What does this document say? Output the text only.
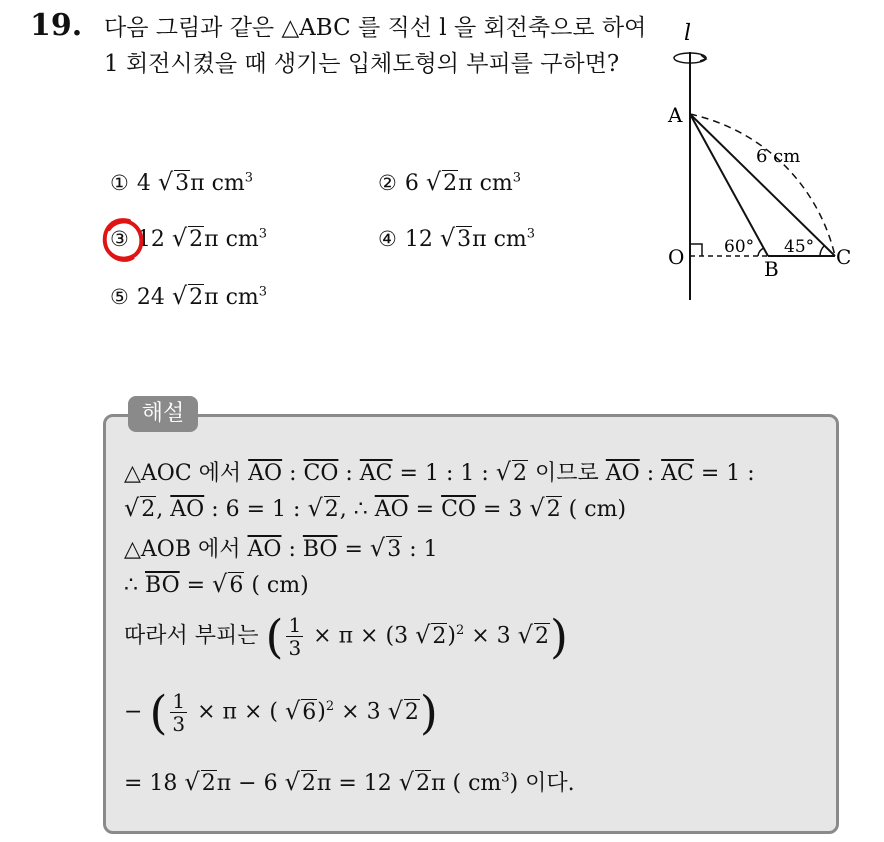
19. 다음 그림과 같은 △ABC 를 직선 l 을 회전축으로 하여 1 회전시켰을 때 생기는 입체도형의 부피를 구하면?
① 4 √3π $cm^3$	② 6 √2π $cm^3$
③ 12 √2π $cm^3$	④ 12 √3π $cm^3$
⑤ 24 √2π $cm^3$
l
A
O	B	C
6 cm
60° 45°
해설
△AOC 에서 $\overline{AO}$ : $\overline{CO}$ : $\overline{AC} = 1$ : 1 : √2 이므로 $\overline{AO}$ : $\overline{AC} = 1$ :
√2, $\overline{AO}$ : 6 = 1 : √2, ∴ $\overline{AO} = \overline{CO} = 3$ √2 ( cm)
△AOB 에서 $\overline{AO}$ : $\overline{BO} = √3$ : 1
∴ $\overline{BO} = √6$ ( cm)
따라서 부피는 ( $\frac{1}{3} \times \pi \times (3$ √2)$^2$ × 3 √2)
− ( $\frac{1}{3} \times \pi$ × ( √6)$^2$ × 3 √2)
= 18 √2π − 6 √2π = 12 √2π ( $cm^3$) 이다.
